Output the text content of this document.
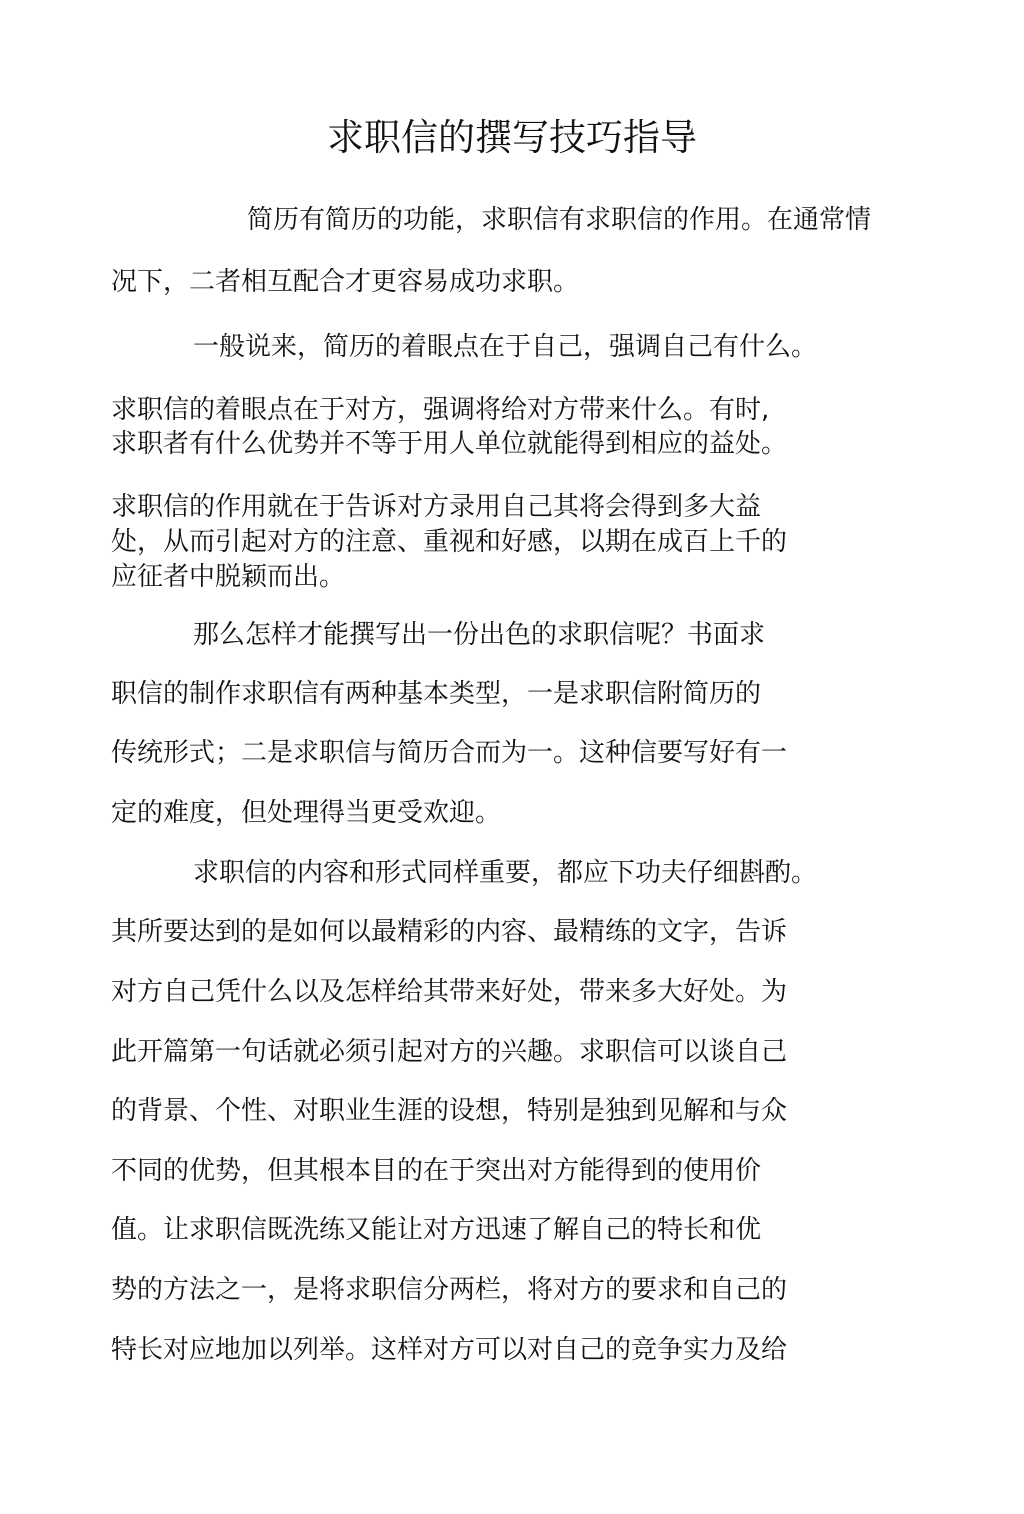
求职信的撰写技巧指导

简历有简历的功能，求职信有求职信的作用。在通常情

况下，二者相互配合才更容易成功求职。

一般说来，简历的着眼点在于自己，强调自己有什么。

求职信的着眼点在于对方，强调将给对方带来什么。有时,

求职者有什么优势并不等于用人单位就能得到相应的益处。

求职信的作用就在于告诉对方录用自己其将会得到多大益

处，从而引起对方的注意、重视和好感，以期在成百上千的

应征者中脱颖而出。

那么怎样才能撰写出一份出色的求职信呢？书面求

职信的制作求职信有两种基本类型，一是求职信附简历的

传统形式；二是求职信与简历合而为一。这种信要写好有一

定的难度，但处理得当更受欢迎。

求职信的内容和形式同样重要，都应下功夫仔细斟酌。

其所要达到的是如何以最精彩的内容、最精练的文字，告诉

对方自己凭什么以及怎样给其带来好处，带来多大好处。为

此开篇第一句话就必须引起对方的兴趣。求职信可以谈自己

的背景、个性、对职业生涯的设想，特别是独到见解和与众

不同的优势，但其根本目的在于突出对方能得到的使用价

值。让求职信既洗练又能让对方迅速了解自己的特长和优

势的方法之一，是将求职信分两栏，将对方的要求和自己的

特长对应地加以列举。这样对方可以对自己的竞争实力及给
